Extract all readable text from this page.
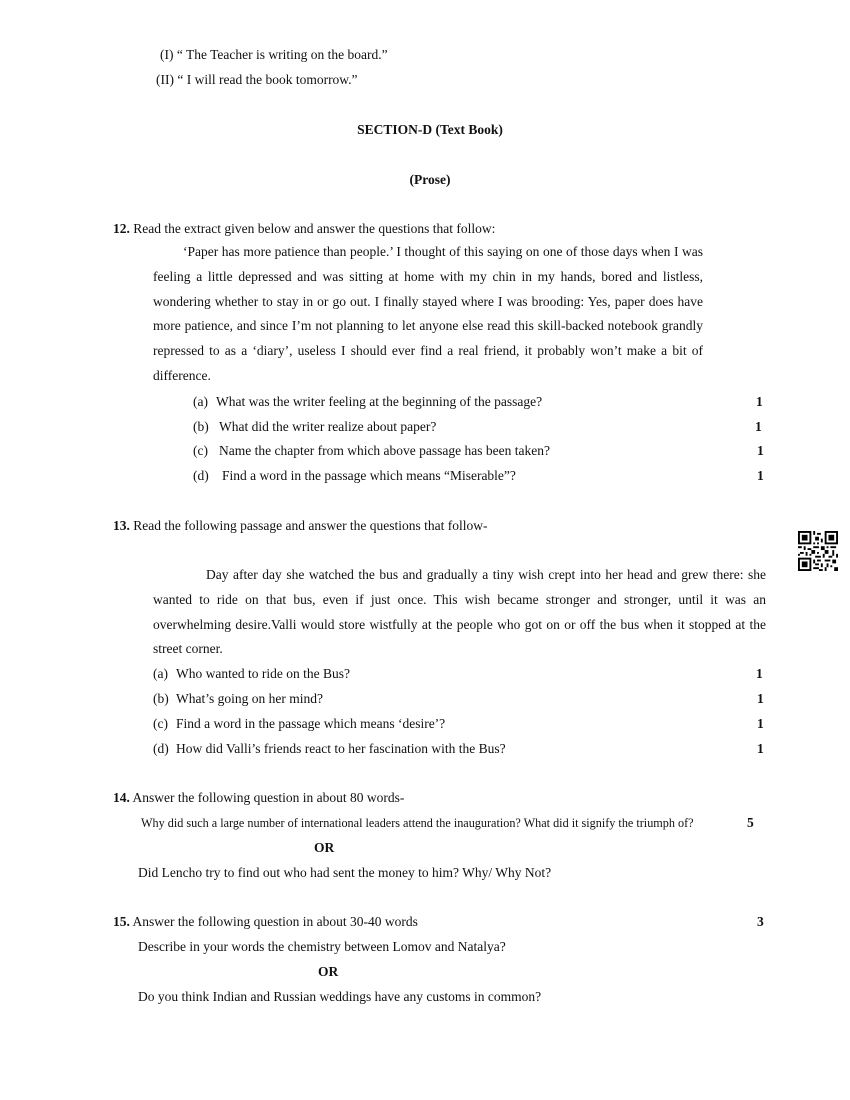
(I) “ The Teacher is writing on the board.”
(II) “ I will read the book tomorrow.”
SECTION-D (Text Book)
(Prose)
12. Read the extract given below and answer the questions that follow:
‘Paper has more patience than people.’ I thought of this saying on one of those days when I was feeling a little depressed and was sitting at home with my chin in my hands, bored and listless, wondering whether to stay in or go out. I finally stayed where I was brooding: Yes, paper does have more patience, and since I’m not planning to let anyone else read this skill-backed notebook grandly repressed to as a ‘diary’, useless I should ever find a real friend, it probably won’t make a bit of difference.
(a) What was the writer feeling at the beginning of the passage?	1
(b) What did the writer realize about paper?	1
(c) Name the chapter from which above passage has been taken?	1
(d) Find a word in the passage which means “Miserable”?	1
13. Read the following passage and answer the questions that follow-
Day after day she watched the bus and gradually a tiny wish crept into her head and grew there: she wanted to ride on that bus, even if just once. This wish became stronger and stronger, until it was an overwhelming desire.Valli would store wistfully at the people who got on or off the bus when it stopped at the street corner.
(a) Who wanted to ride on the Bus?	1
(b) What’s going on her mind?	1
(c) Find a word in the passage which means ‘desire’?	1
(d) How did Valli’s friends react to her fascination with the Bus?	1
14. Answer the following question in about 80 words-
Why did such a large number of international leaders attend the inauguration? What did it signify the triumph of?	5
OR
Did Lencho try to find out who had sent the money to him? Why/ Why Not?
15. Answer the following question in about 30-40 words	3
Describe in your words the chemistry between Lomov and Natalya?
OR
Do you think Indian and Russian weddings have any customs in common?
